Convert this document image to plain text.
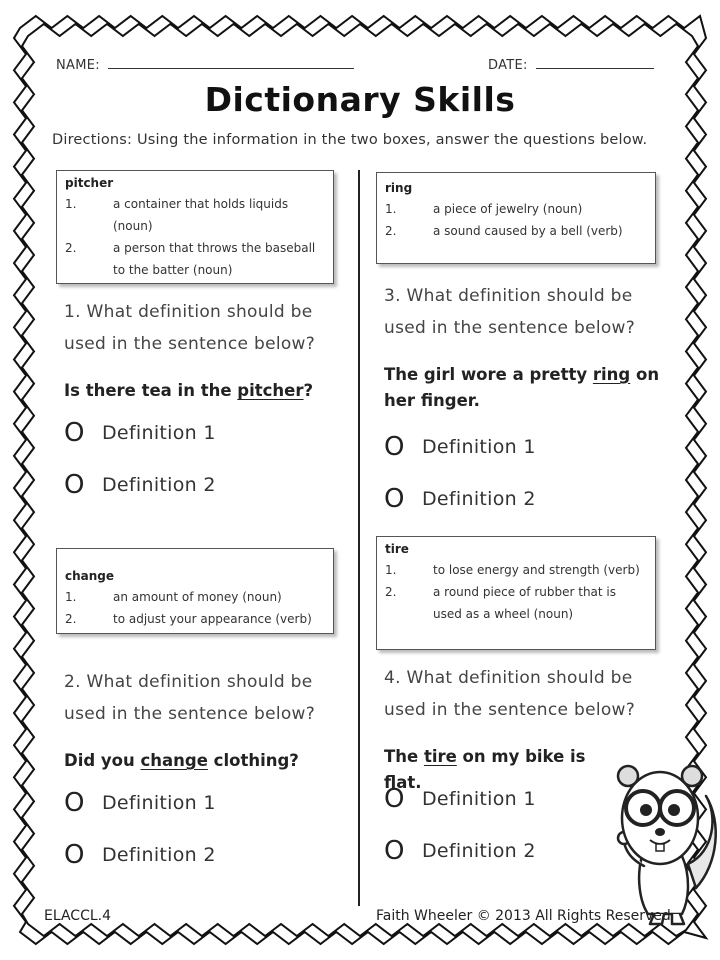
NAME:	DATE:
Dictionary Skills
Directions: Using the information in the two boxes, answer the questions below.
pitcher
1.	a container that holds liquids (noun)
2.	a person that throws the baseball to the batter (noun)
ring
1.	a piece of jewelry (noun)
2.	a sound caused by a bell (verb)
1. What definition should be used in the sentence below?
Is there tea in the pitcher?
O Definition 1
O Definition 2
3. What definition should be used in the sentence below?
The girl wore a pretty ring on her finger.
O Definition 1
O Definition 2
change
1.	an amount of money (noun)
2.	to adjust your appearance (verb)
tire
1.	to lose energy and strength (verb)
2.	a round piece of rubber that is used as a wheel (noun)
2. What definition should be used in the sentence below?
Did you change clothing?
O Definition 1
O Definition 2
4. What definition should be used in the sentence below?
The tire on my bike is flat.
O Definition 1
O Definition 2
ELACCL.4	Faith Wheeler © 2013 All Rights Reserved
